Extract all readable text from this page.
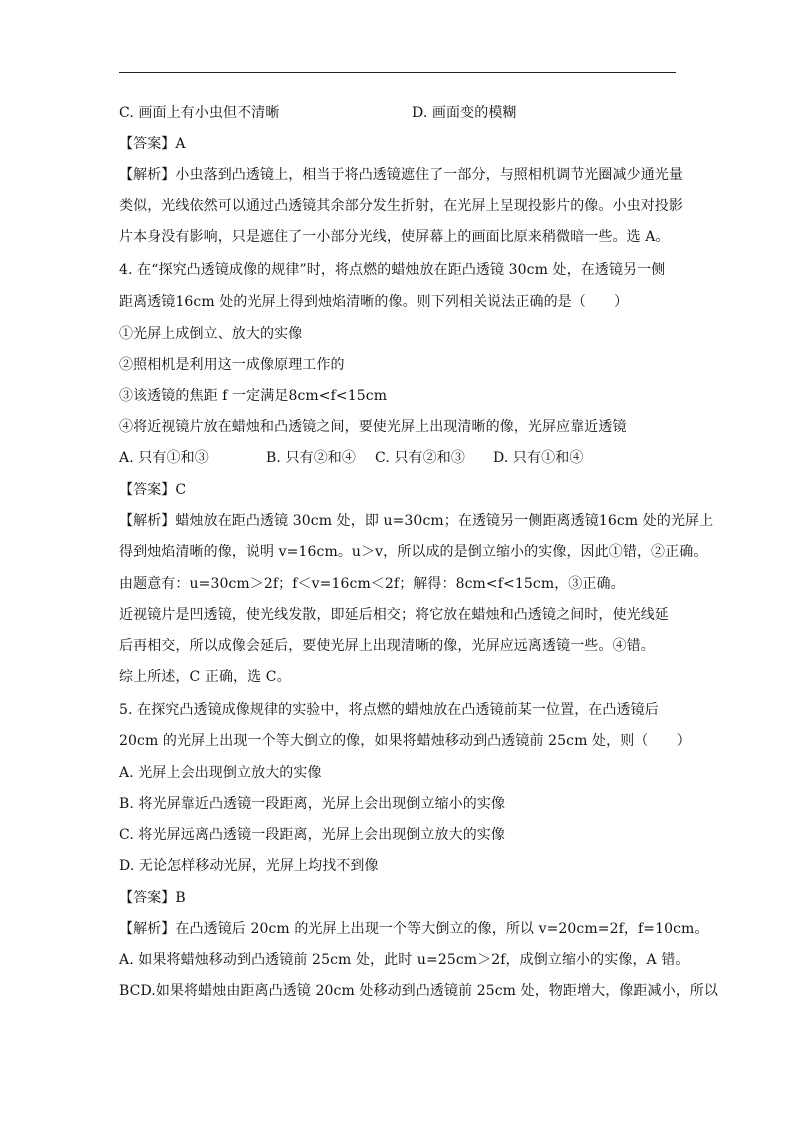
C. 画面上有小虫但不清晰	D. 画面变的模糊
【答案】A
【解析】小虫落到凸透镜上，相当于将凸透镜遮住了一部分，与照相机调节光圈减少通光量
类似，光线依然可以通过凸透镜其余部分发生折射，在光屏上呈现投影片的像。小虫对投影
片本身没有影响，只是遮住了一小部分光线，使屏幕上的画面比原来稍微暗一些。选 A。
4. 在“探究凸透镜成像的规律”时，将点燃的蜡烛放在距凸透镜 30cm 处，在透镜另一侧
距离透镜16cm 处的光屏上得到烛焰清晰的像。则下列相关说法正确的是（　　）
①光屏上成倒立、放大的实像
②照相机是利用这一成像原理工作的
③该透镜的焦距 f 一定满足8cm<f<15cm
④将近视镜片放在蜡烛和凸透镜之间，要使光屏上出现清晰的像，光屏应靠近透镜
A. 只有①和③	B. 只有②和④ C. 只有②和③ D. 只有①和④
【答案】C
【解析】蜡烛放在距凸透镜 30cm 处，即 u=30cm；在透镜另一侧距离透镜16cm 处的光屏上
得到烛焰清晰的像，说明 v=16cm。u＞v，所以成的是倒立缩小的实像，因此①错，②正确。
由题意有：u=30cm＞2f；f＜v=16cm＜2f；解得：8cm<f<15cm，③正确。
近视镜片是凹透镜，使光线发散，即延后相交；将它放在蜡烛和凸透镜之间时，使光线延
后再相交，所以成像会延后，要使光屏上出现清晰的像，光屏应远离透镜一些。④错。
综上所述，C 正确，选 C。
5. 在探究凸透镜成像规律的实验中，将点燃的蜡烛放在凸透镜前某一位置，在凸透镜后
20cm 的光屏上出现一个等大倒立的像，如果将蜡烛移动到凸透镜前 25cm 处，则（　　）
A. 光屏上会出现倒立放大的实像
B. 将光屏靠近凸透镜一段距离，光屏上会出现倒立缩小的实像
C. 将光屏远离凸透镜一段距离，光屏上会出现倒立放大的实像
D. 无论怎样移动光屏，光屏上均找不到像
【答案】B
【解析】在凸透镜后 20cm 的光屏上出现一个等大倒立的像，所以 v=20cm=2f，f=10cm。
A. 如果将蜡烛移动到凸透镜前 25cm 处，此时 u=25cm＞2f，成倒立缩小的实像，A 错。
BCD.如果将蜡烛由距离凸透镜 20cm 处移动到凸透镜前 25cm 处，物距增大，像距减小，所以
